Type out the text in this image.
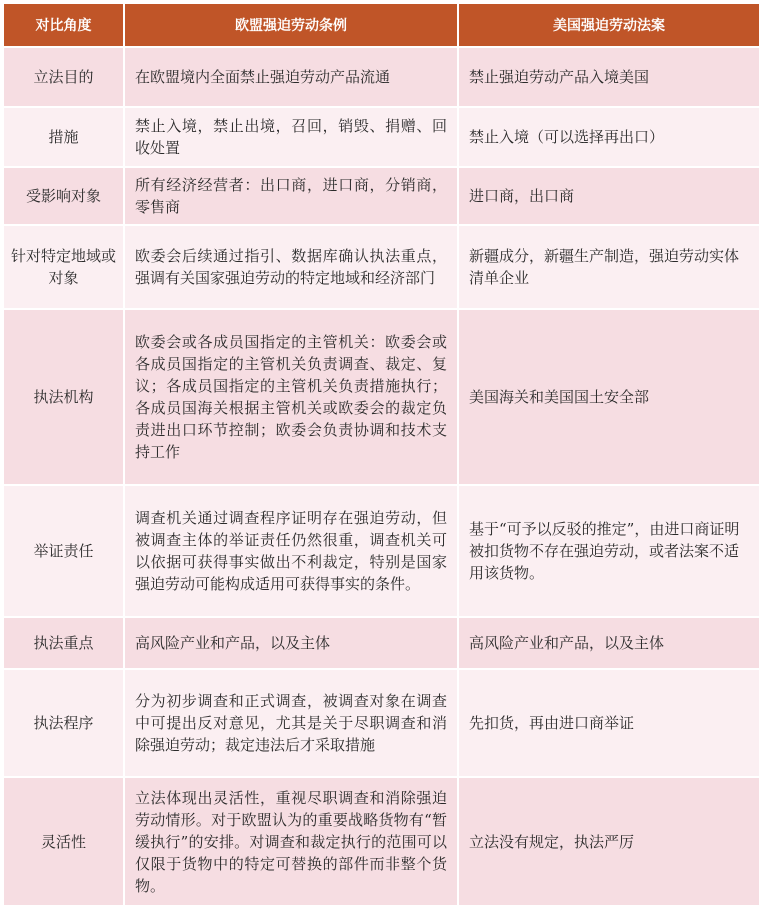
对比角度	欧盟强迫劳动条例	美国强迫劳动法案
立法目的	在欧盟境内全面禁止强迫劳动产品流通	禁止强迫劳动产品入境美国
措施	禁止入境，禁止出境，召回，销毁、捐赠、回收处置	禁止入境（可以选择再出口）
受影响对象	所有经济经营者：出口商，进口商，分销商，零售商	进口商，出口商
针对特定地域或对象	欧委会后续通过指引、数据库确认执法重点，强调有关国家强迫劳动的特定地域和经济部门	新疆成分，新疆生产制造，强迫劳动实体清单企业
执法机构	欧委会或各成员国指定的主管机关：欧委会或各成员国指定的主管机关负责调查、裁定、复议；各成员国指定的主管机关负责措施执行；各成员国海关根据主管机关或欧委会的裁定负责进出口环节控制；欧委会负责协调和技术支持工作	美国海关和美国国土安全部
举证责任	调查机关通过调查程序证明存在强迫劳动，但被调查主体的举证责任仍然很重，调查机关可以依据可获得事实做出不利裁定，特别是国家强迫劳动可能构成适用可获得事实的条件。	基于“可予以反驳的推定”，由进口商证明被扣货物不存在强迫劳动，或者法案不适用该货物。
执法重点	高风险产业和产品，以及主体	高风险产业和产品，以及主体
执法程序	分为初步调查和正式调查，被调查对象在调查中可提出反对意见，尤其是关于尽职调查和消除强迫劳动；裁定违法后才采取措施	先扣货，再由进口商举证
灵活性	立法体现出灵活性，重视尽职调查和消除强迫劳动情形。对于欧盟认为的重要战略货物有“暂缓执行”的安排。对调查和裁定执行的范围可以仅限于货物中的特定可替换的部件而非整个货物。	立法没有规定，执法严厉
